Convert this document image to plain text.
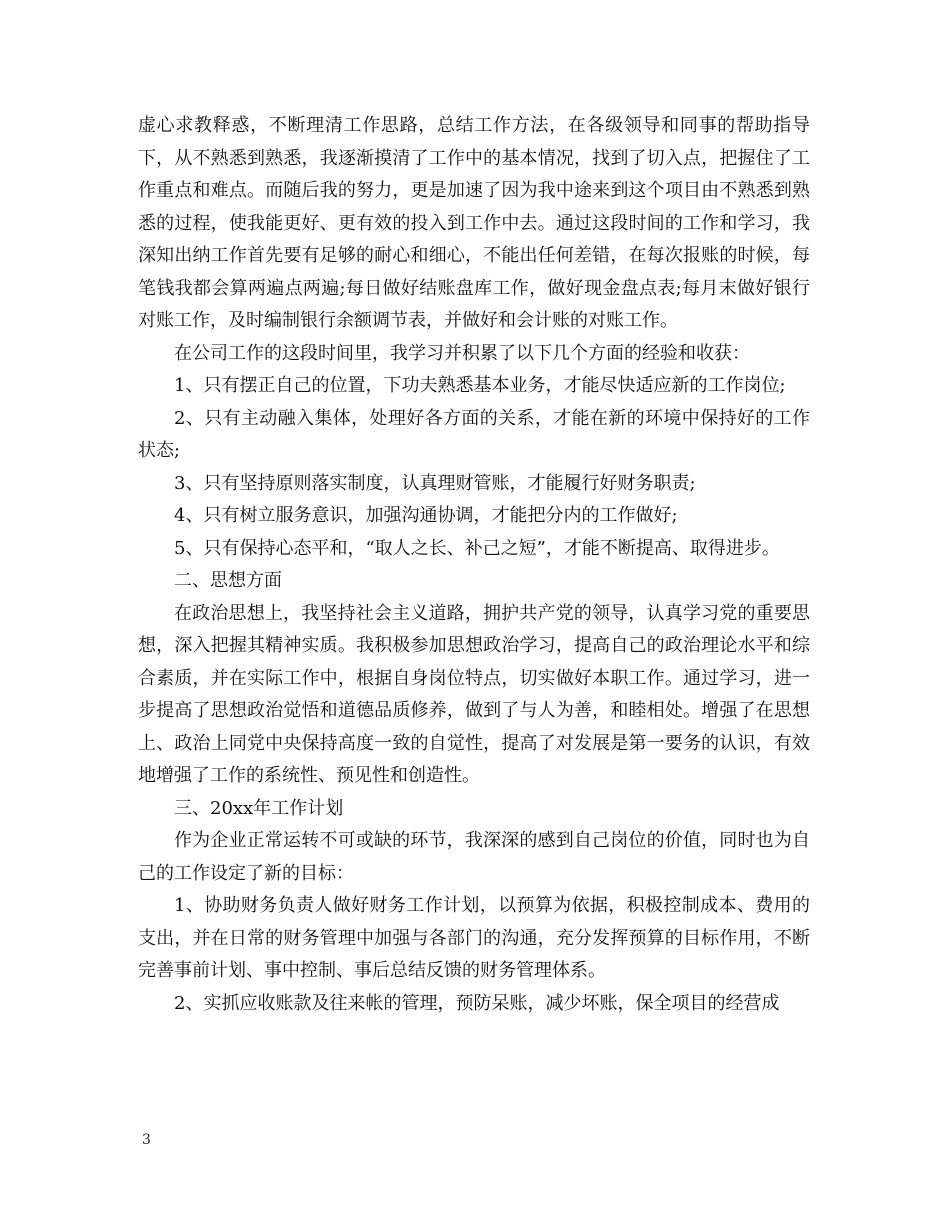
虚心求教释惑，不断理清工作思路，总结工作方法，在各级领导和同事的帮助指导下，从不熟悉到熟悉，我逐渐摸清了工作中的基本情况，找到了切入点，把握住了工作重点和难点。而随后我的努力，更是加速了因为我中途来到这个项目由不熟悉到熟悉的过程，使我能更好、更有效的投入到工作中去。通过这段时间的工作和学习，我深知出纳工作首先要有足够的耐心和细心，不能出任何差错，在每次报账的时候，每笔钱我都会算两遍点两遍;每日做好结账盘库工作，做好现金盘点表;每月末做好银行对账工作，及时编制银行余额调节表，并做好和会计账的对账工作。

在公司工作的这段时间里，我学习并积累了以下几个方面的经验和收获：

1、只有摆正自己的位置，下功夫熟悉基本业务，才能尽快适应新的工作岗位;

2、只有主动融入集体，处理好各方面的关系，才能在新的环境中保持好的工作状态;

3、只有坚持原则落实制度，认真理财管账，才能履行好财务职责;

4、只有树立服务意识，加强沟通协调，才能把分内的工作做好;

5、只有保持心态平和，“取人之长、补己之短”，才能不断提高、取得进步。

二、思想方面

在政治思想上，我坚持社会主义道路，拥护共产党的领导，认真学习党的重要思想，深入把握其精神实质。我积极参加思想政治学习，提高自己的政治理论水平和综合素质，并在实际工作中，根据自身岗位特点，切实做好本职工作。通过学习，进一步提高了思想政治觉悟和道德品质修养，做到了与人为善，和睦相处。增强了在思想上、政治上同党中央保持高度一致的自觉性，提高了对发展是第一要务的认识，有效地增强了工作的系统性、预见性和创造性。

三、20xx年工作计划

作为企业正常运转不可或缺的环节，我深深的感到自己岗位的价值，同时也为自己的工作设定了新的目标：

1、协助财务负责人做好财务工作计划，以预算为依据，积极控制成本、费用的支出，并在日常的财务管理中加强与各部门的沟通，充分发挥预算的目标作用，不断完善事前计划、事中控制、事后总结反馈的财务管理体系。

2、实抓应收账款及往来帐的管理，预防呆账，减少坏账，保全项目的经营成

3
